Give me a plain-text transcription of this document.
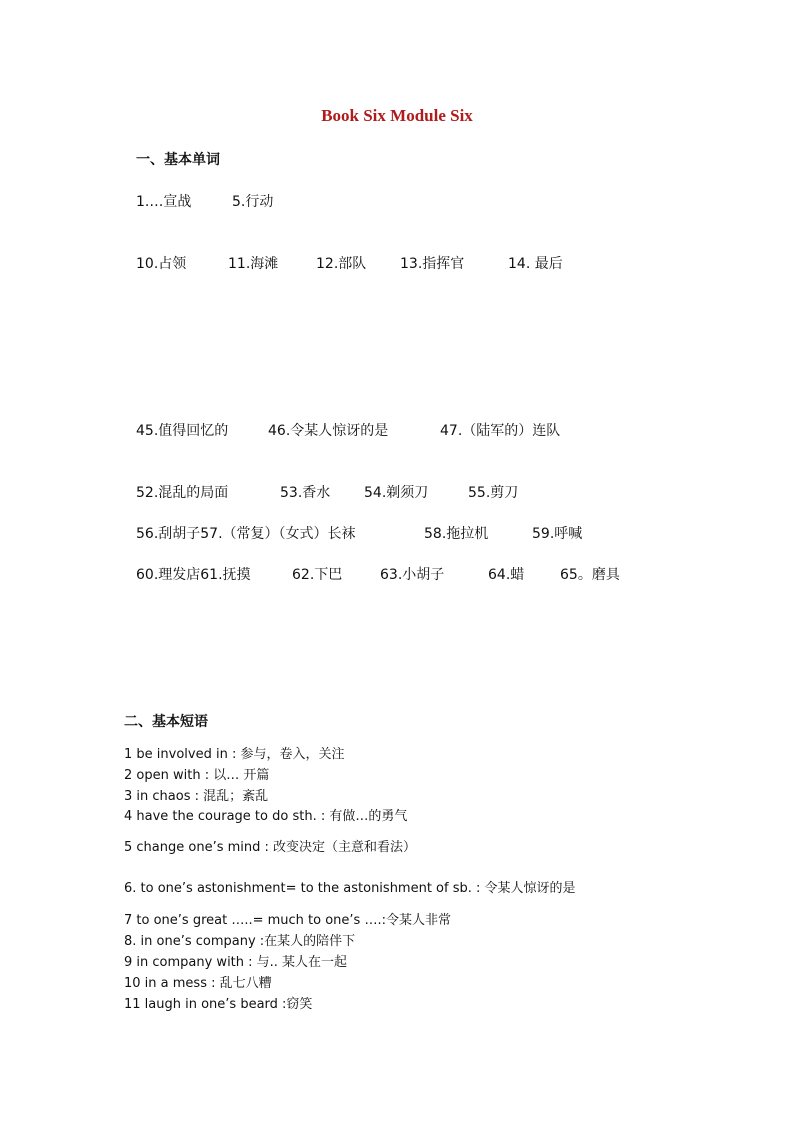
Book Six Module Six
一、基本单词
1.…宣战	5.行动
10.占领	11.海滩	12.部队 13.指挥官	14. 最后
45.值得回忆的	46.令某人惊讶的是	47.（陆军的）连队
52.混乱的局面	53.香水 54.剃须刀	55.剪刀
56.刮胡子57.（常复）（女式）长袜	58.拖拉机	59.呼喊
60.理发店61.抚摸	62.下巴	63.小胡子	64.蜡	65。磨具
二、基本短语
1 be involved in : 参与，卷入，关注
2 open with : 以… 开篇
3 in chaos : 混乱；紊乱
4 have the courage to do sth. : 有做…的勇气
5 change one’s mind : 改变决定（主意和看法）
6. to one’s astonishment= to the astonishment of sb. : 令某人惊讶的是
7 to one’s great …..= much to one’s ….:令某人非常
8. in one’s company :在某人的陪伴下
9 in company with : 与.. 某人在一起
10 in a mess : 乱七八糟
11 laugh in one’s beard :窃笑
